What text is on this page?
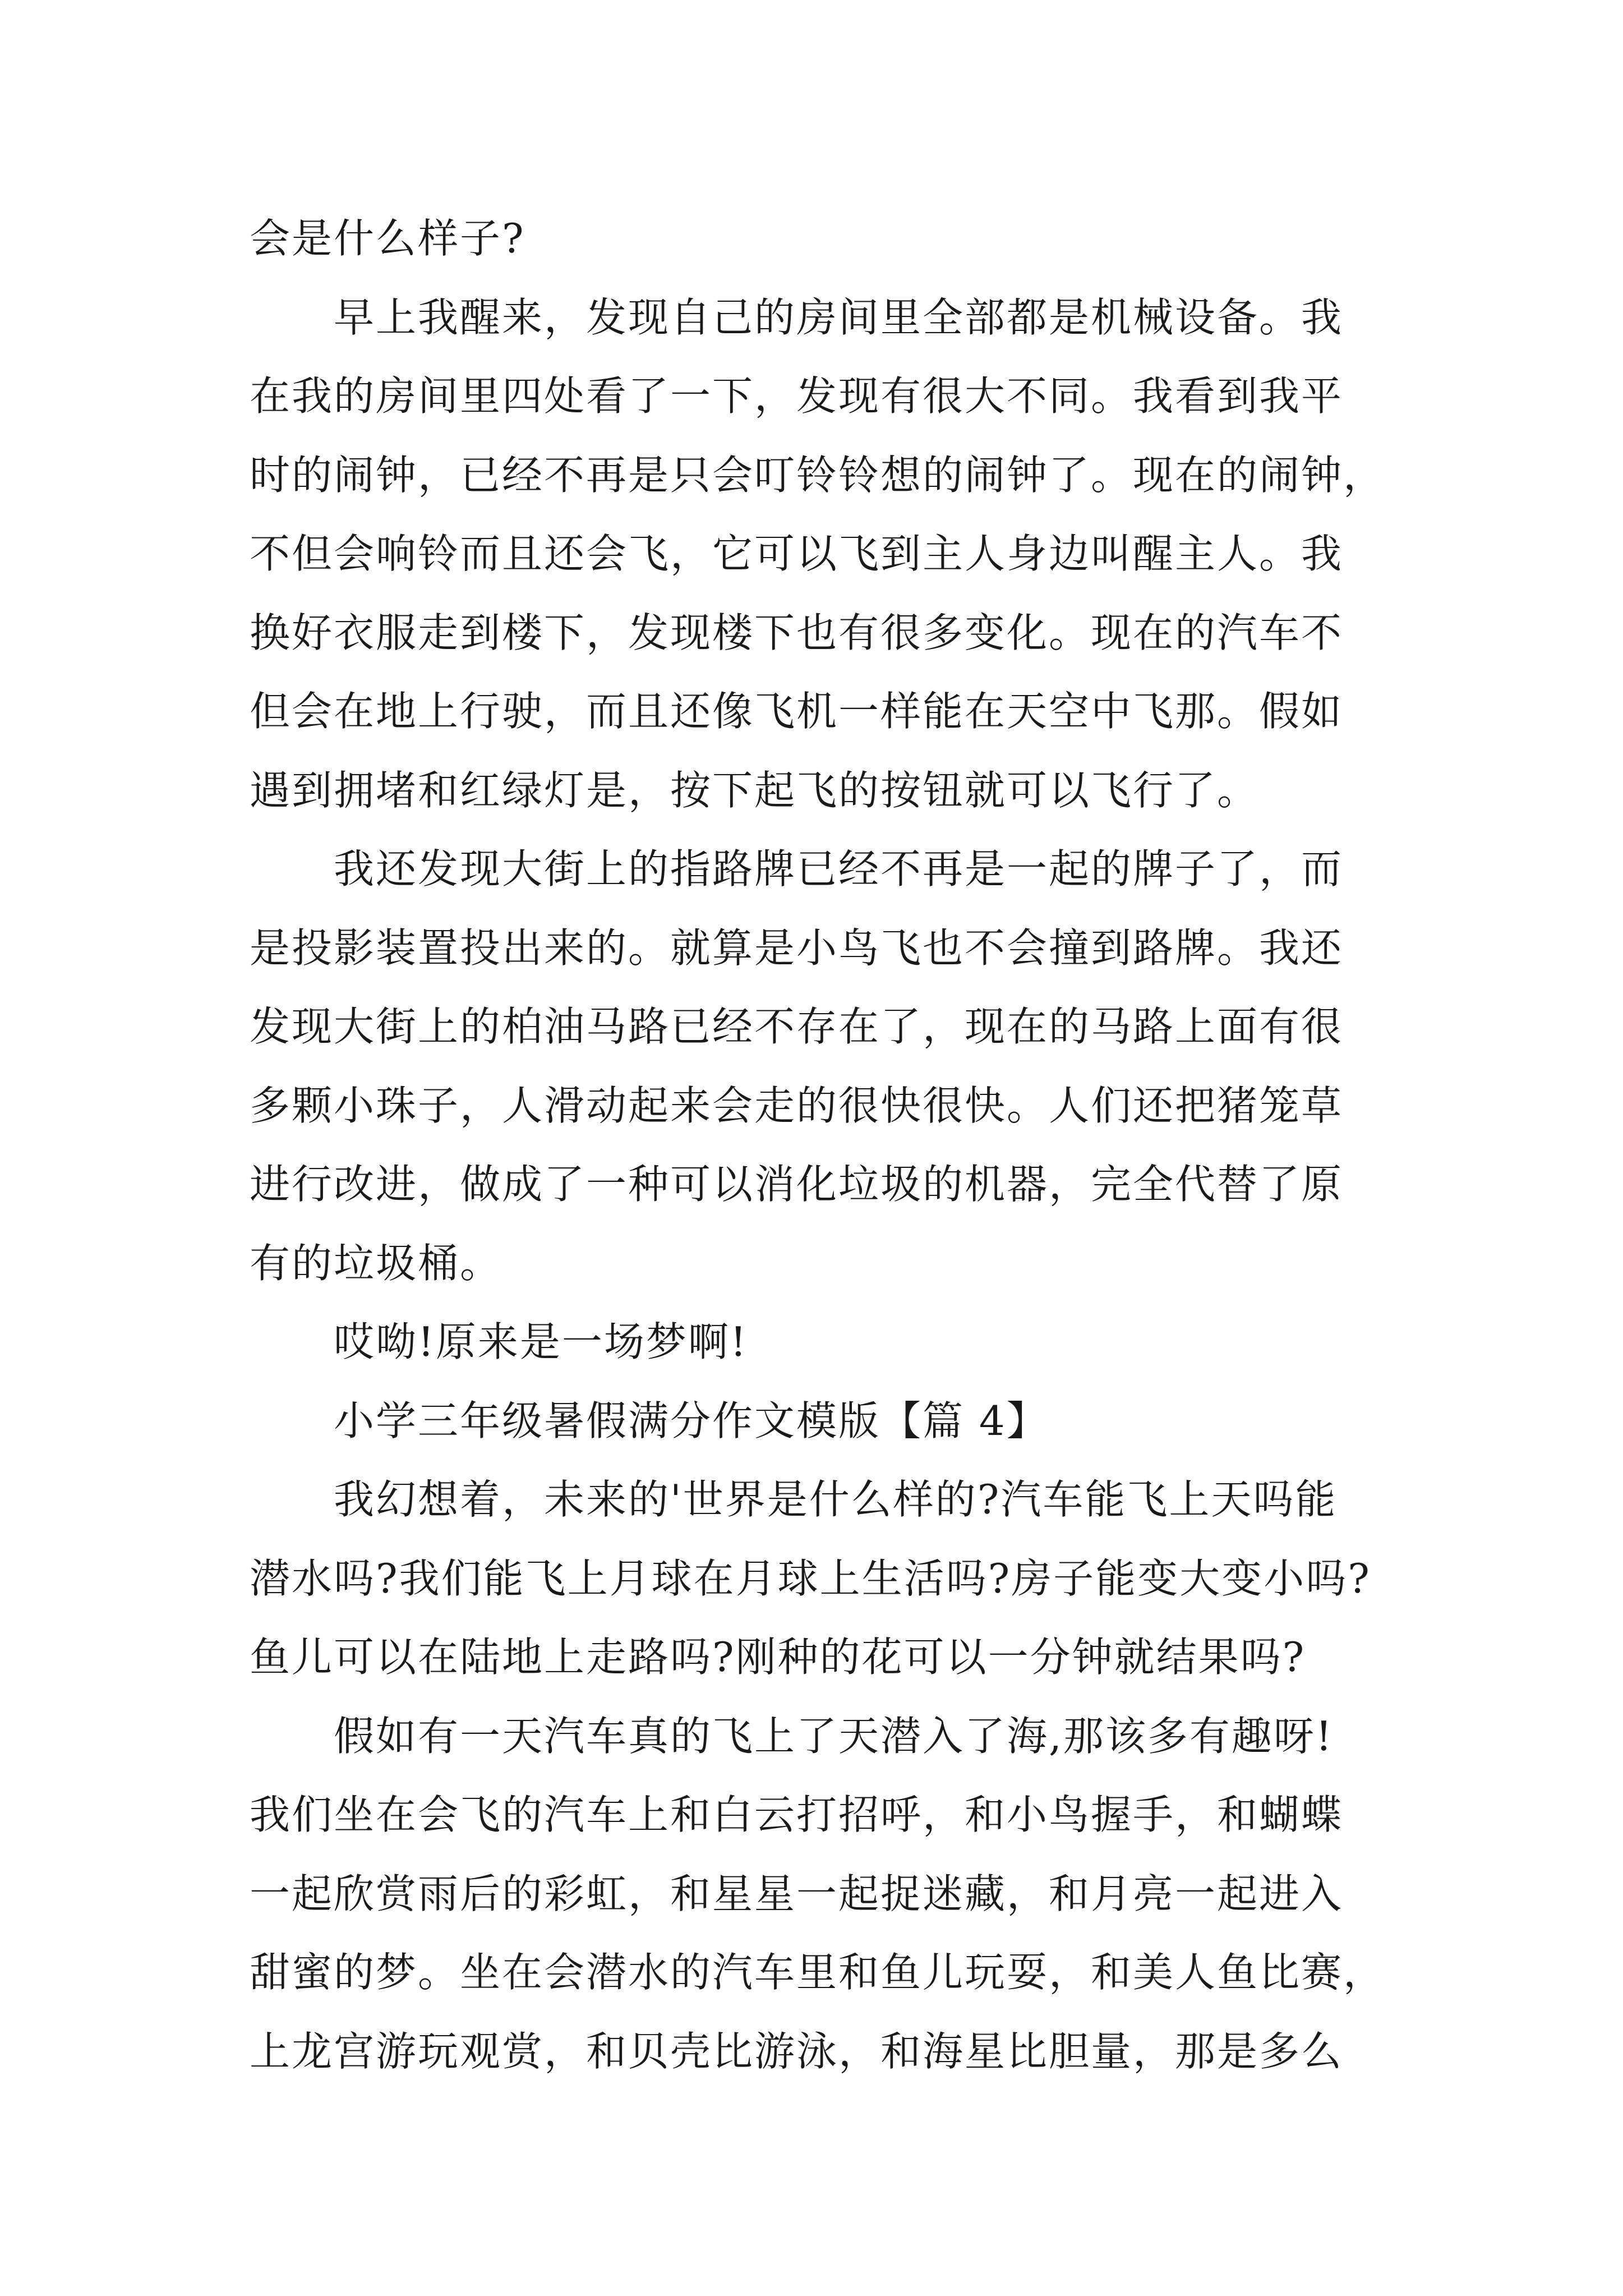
会是什么样子?
早上我醒来，发现自己的房间里全部都是机械设备。我
在我的房间里四处看了一下，发现有很大不同。我看到我平
时的闹钟，已经不再是只会叮铃铃想的闹钟了。现在的闹钟，
不但会响铃而且还会飞，它可以飞到主人身边叫醒主人。我
换好衣服走到楼下，发现楼下也有很多变化。现在的汽车不
但会在地上行驶，而且还像飞机一样能在天空中飞那。假如
遇到拥堵和红绿灯是，按下起飞的按钮就可以飞行了。
我还发现大街上的指路牌已经不再是一起的牌子了，而
是投影装置投出来的。就算是小鸟飞也不会撞到路牌。我还
发现大街上的柏油马路已经不存在了，现在的马路上面有很
多颗小珠子，人滑动起来会走的很快很快。人们还把猪笼草
进行改进，做成了一种可以消化垃圾的机器，完全代替了原
有的垃圾桶。
哎呦!原来是一场梦啊!
小学三年级暑假满分作文模版【篇 4】
我幻想着，未来的'世界是什么样的?汽车能飞上天吗能
潜水吗?我们能飞上月球在月球上生活吗?房子能变大变小吗?
鱼儿可以在陆地上走路吗?刚种的花可以一分钟就结果吗?
假如有一天汽车真的飞上了天潜入了海,那该多有趣呀!
我们坐在会飞的汽车上和白云打招呼，和小鸟握手，和蝴蝶
一起欣赏雨后的彩虹，和星星一起捉迷藏，和月亮一起进入
甜蜜的梦。坐在会潜水的汽车里和鱼儿玩耍，和美人鱼比赛，
上龙宫游玩观赏，和贝壳比游泳，和海星比胆量，那是多么
